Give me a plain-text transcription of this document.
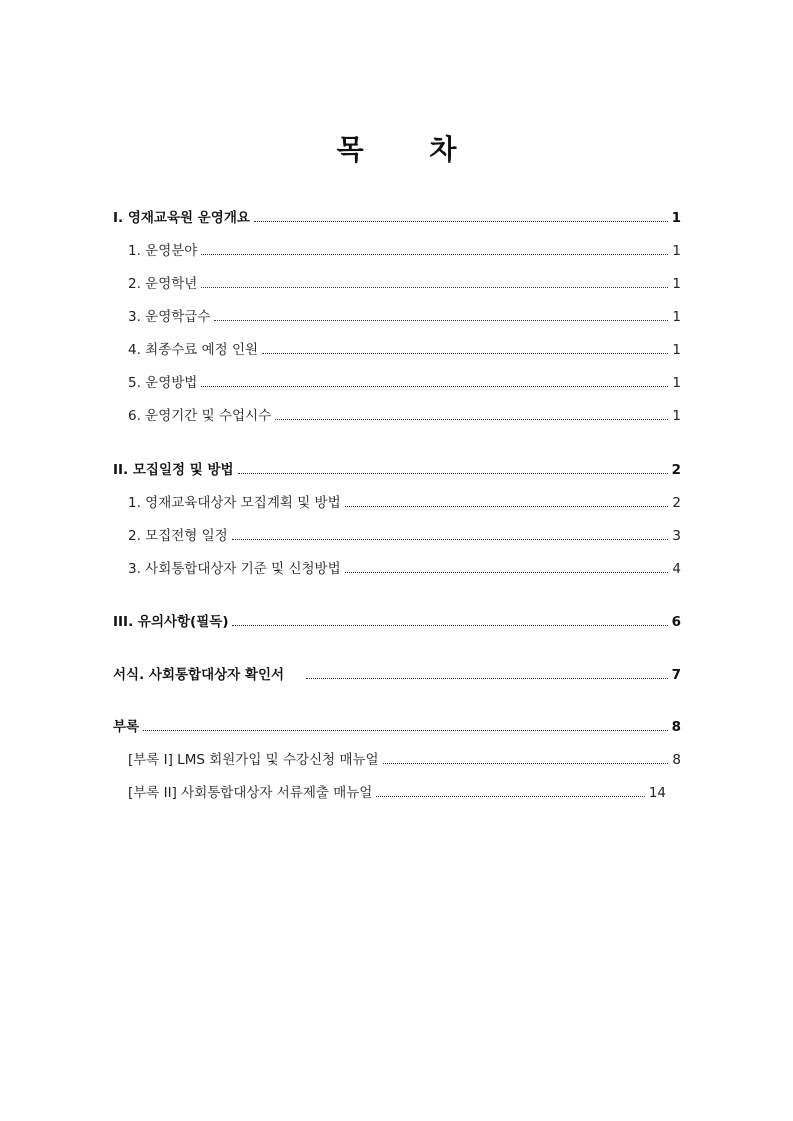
목 차
I. 영재교육원 운영개요	1
1. 운영분야	1
2. 운영학년	1
3. 운영학급수	1
4. 최종수료 예정 인원	1
5. 운영방법	1
6. 운영기간 및 수업시수	1
II. 모집일정 및 방법	2
1. 영재교육대상자 모집계획 및 방법	2
2. 모집전형 일정	3
3. 사회통합대상자 기준 및 신청방법	4
III. 유의사항(필독)	6
서식. 사회통합대상자 확인서	7
부록	8
[부록 I] LMS 회원가입 및 수강신청 매뉴얼	8
[부록 II] 사회통합대상자 서류제출 매뉴얼	14
